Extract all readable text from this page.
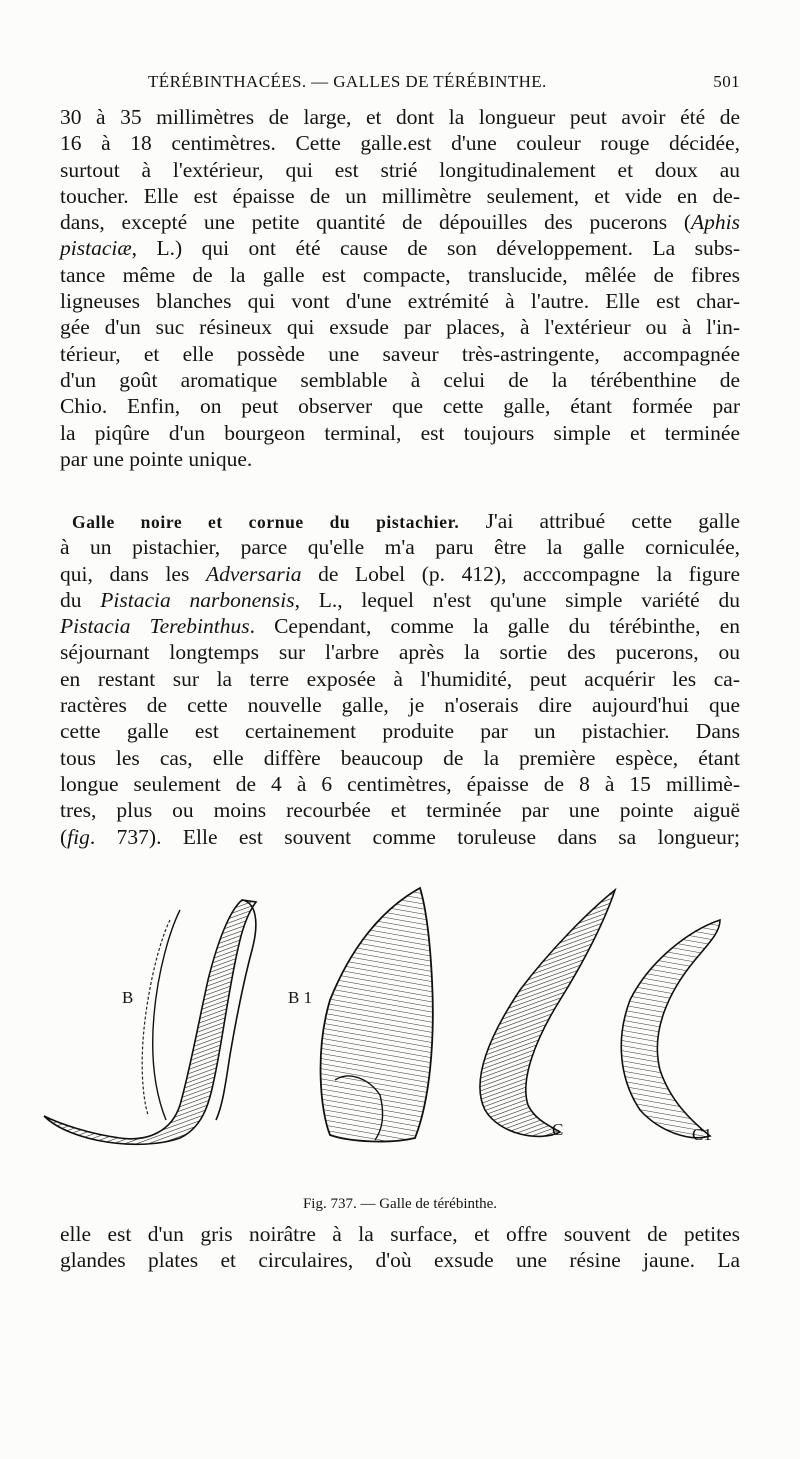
TÉRÉBINTHACÉES. — GALLES DE TÉRÉBINTHE.	501
30 à 35 millimètres de large, et dont la longueur peut avoir été de
16 à 18 centimètres. Cette galle.est d'une couleur rouge décidée,
surtout à l'extérieur, qui est strié longitudinalement et doux au
toucher. Elle est épaisse de un millimètre seulement, et vide en de-
dans, excepté une petite quantité de dépouilles des pucerons (Aphis
pistaciæ, L.) qui ont été cause de son développement. La subs-
tance même de la galle est compacte, translucide, mêlée de fibres
ligneuses blanches qui vont d'une extrémité à l'autre. Elle est char-
gée d'un suc résineux qui exsude par places, à l'extérieur ou à l'in-
térieur, et elle possède une saveur très-astringente, accompagnée
d'un goût aromatique semblable à celui de la térébenthine de
Chio. Enfin, on peut observer que cette galle, étant formée par
la piqûre d'un bourgeon terminal, est toujours simple et terminée
par une pointe unique.
Galle noire et cornue du pistachier. J'ai attribué cette galle
à un pistachier, parce qu'elle m'a paru être la galle corniculée,
qui, dans les Adversaria de Lobel (p. 412), acccompagne la figure
du Pistacia narbonensis, L., lequel n'est qu'une simple variété du
Pistacia Terebinthus. Cependant, comme la galle du térébinthe, en
séjournant longtemps sur l'arbre après la sortie des pucerons, ou
en restant sur la terre exposée à l'humidité, peut acquérir les ca-
ractères de cette nouvelle galle, je n'oserais dire aujourd'hui que
cette galle est certainement produite par un pistachier. Dans
tous les cas, elle diffère beaucoup de la première espèce, étant
longue seulement de 4 à 6 centimètres, épaisse de 8 à 15 millimè-
tres, plus ou moins recourbée et terminée par une pointe aiguë
(fig. 737). Elle est souvent comme toruleuse dans sa longueur;
B	B 1
C	C1
Fig. 737. — Galle de térébinthe.
elle est d'un gris noirâtre à la surface, et offre souvent de petites
glandes plates et circulaires, d'où exsude une résine jaune. La
